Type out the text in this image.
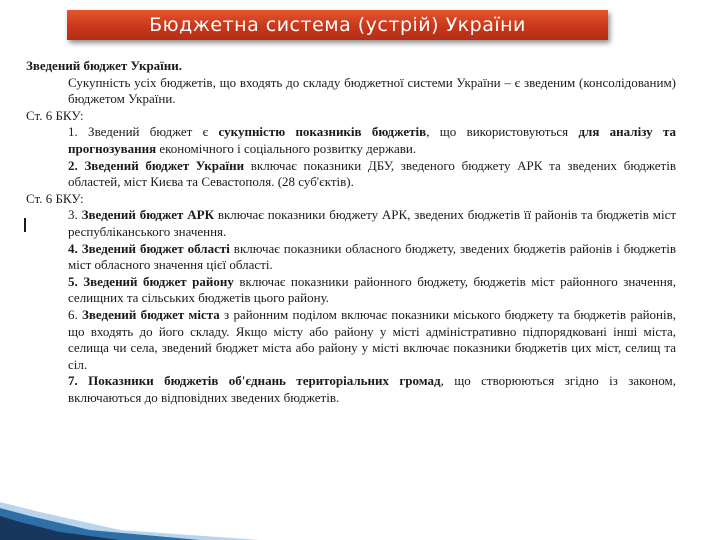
Бюджетна система (устрій) України

Зведений бюджет України.

Сукупність усіх бюджетів, що входять до складу бюджетної системи України – є зведеним (консолідованим) бюджетом України.

Ст. 6 БКУ:

1. Зведений бюджет є сукупністю показників бюджетів, що використовуються для аналізу та прогнозування економічного і соціального розвитку держави.

2. Зведений бюджет України включає показники ДБУ, зведеного бюджету АРК та зведених бюджетів областей, міст Києва та Севастополя. (28 суб'єктів).

Ст. 6 БКУ:

3. Зведений бюджет АРК включає показники бюджету АРК, зведених бюджетів її районів та бюджетів міст республіканського значення.

4. Зведений бюджет області включає показники обласного бюджету, зведених бюджетів районів і бюджетів міст обласного значення цієї області.

5. Зведений бюджет району включає показники районного бюджету, бюджетів міст районного значення, селищних та сільських бюджетів цього району.

6. Зведений бюджет міста з районним поділом включає показники міського бюджету та бюджетів районів, що входять до його складу. Якщо місту або району у місті адміністративно підпорядковані інші міста, селища чи села, зведений бюджет міста або району у місті включає показники бюджетів цих міст, селищ та сіл.

7. Показники бюджетів об'єднань територіальних громад, що створюються згідно із законом, включаються до відповідних зведених бюджетів.
